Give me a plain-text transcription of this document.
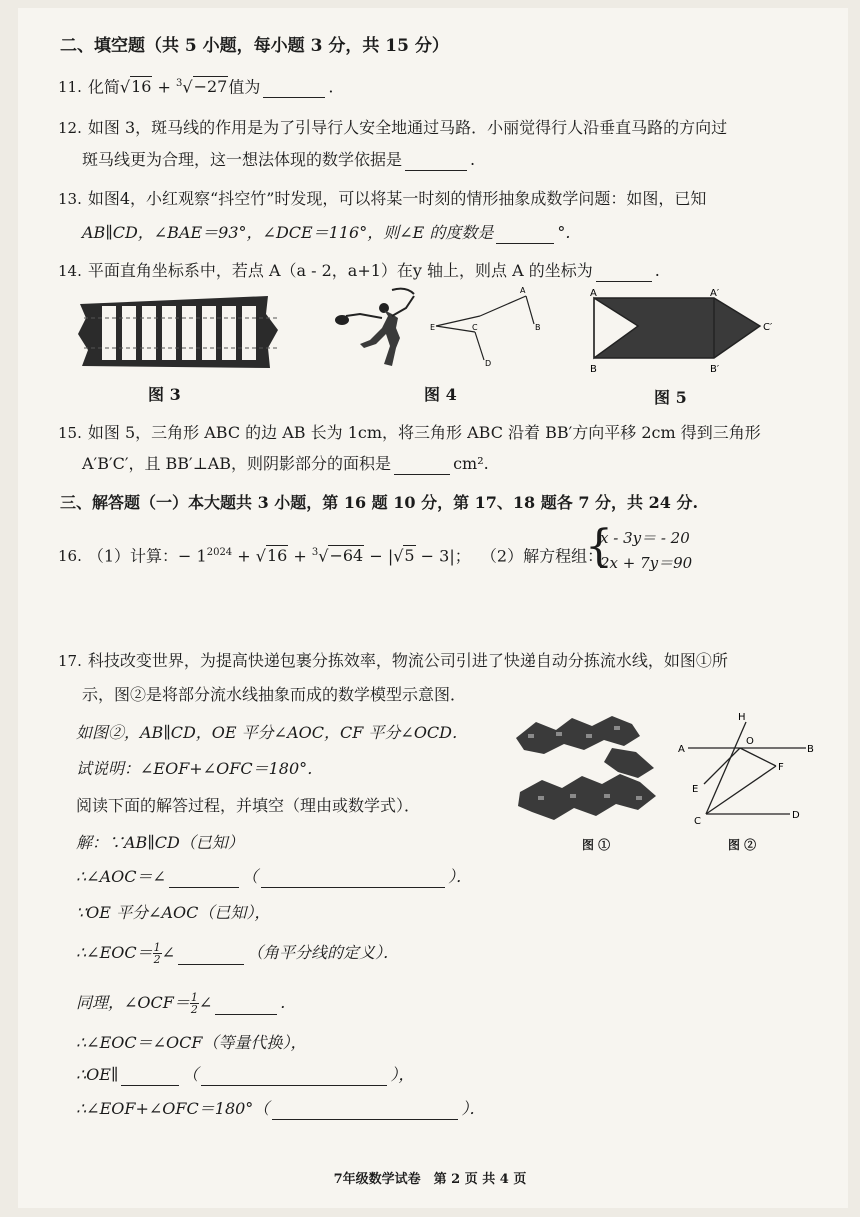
二、填空题（共 5 小题，每小题 3 分，共 15 分）
11. 化简√16 + $^3$√−27值为	.
12. 如图 3，斑马线的作用是为了引导行人安全地通过马路．小丽觉得行人沿垂直马路的方向过
斑马线更为合理，这一想法体现的数学依据是	.
13. 如图4，小红观察“抖空竹”时发现，可以将某一时刻的情形抽象成数学问题：如图，已知
AB∥CD，∠BAE＝93°，∠DCE＝116°，则∠E 的度数是	°.
14. 平面直角坐标系中，若点 A（a - 2，a+1）在y 轴上，则点 A 的坐标为	.
图 3
E	C
A
B
D
图 4
A	A′
B	B′
C	C′
图 5
15. 如图 5，三角形 ABC 的边 AB 长为 1cm，将三角形 ABC 沿着 BB′方向平移 2cm 得到三角形
A′B′C′，且 BB′⊥AB，则阴影部分的面积是	cm².
三、解答题（一）本大题共 3 小题，第 16 题 10 分，第 17、18 题各 7 分，共 24 分.
16. （1）计算：− $1^{2024} + √16 + ^3√-64 - |√5 - 3|$； （2）解方程组：
{
x - 3y＝ - 20
2x + 7y＝90
17. 科技改变世界，为提高快递包裹分拣效率，物流公司引进了快递自动分拣流水线，如图①所
示，图②是将部分流水线抽象而成的数学模型示意图．
如图②，AB∥CD，OE 平分∠AOC，CF 平分∠OCD．
试说明：∠EOF+∠OFC＝180°．
阅读下面的解答过程，并填空（理由或数学式）．
解：∵AB∥CD（已知）
∴∠AOC＝∠	（	）．
∵OE 平分∠AOC（已知），
∴∠EOC＝ $\frac{1}{2}$ ∠	（角平分线的定义）．
同理，∠OCF＝ $\frac{1}{2}$ ∠	.
∴∠EOC＝∠OCF（等量代换），
∴OE∥	（	），
∴∠EOF+∠OFC＝180°（	）．
图 ①
H
O
A	B
F
E
C
D
图 ②
7年级数学试卷　第 2 页 共 4 页
